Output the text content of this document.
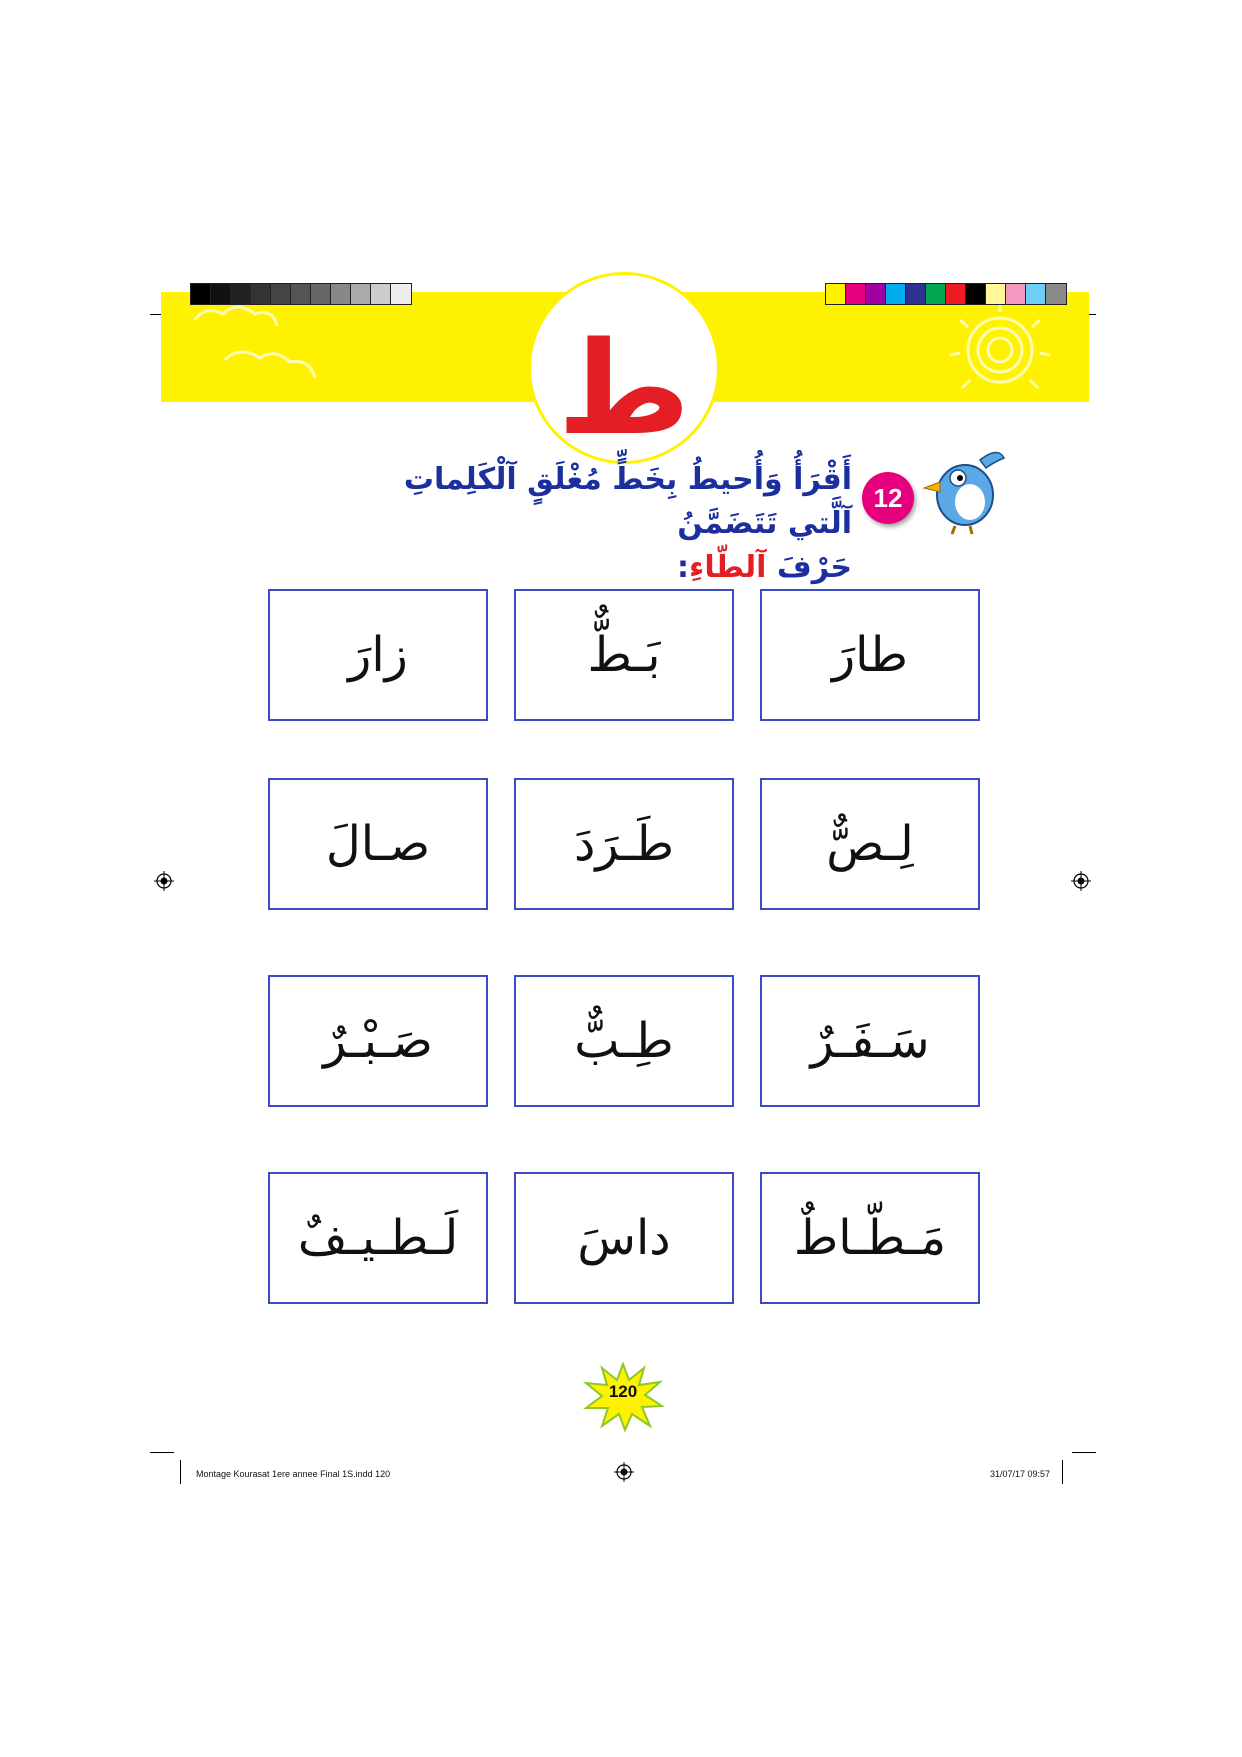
ط
12
أَقْرَأُ وَأُحيطُ بِخَطٍّ مُغْلَقٍ آلْكَلِماتِ آلَّتي تَتَضَمَّنُ
حَرْفَ آلطّاءِ:
طارَ
بَـطٌّ
زارَ
لِـصٌّ
طَـرَدَ
صـالَ
سَـفَـرٌ
طِـبٌّ
صَـبْـرٌ
مَـطّـاطٌ
داسَ
لَـطـيـفٌ
120
Montage Kourasat 1ere annee Final 1S.indd 120	31/07/17 09:57
